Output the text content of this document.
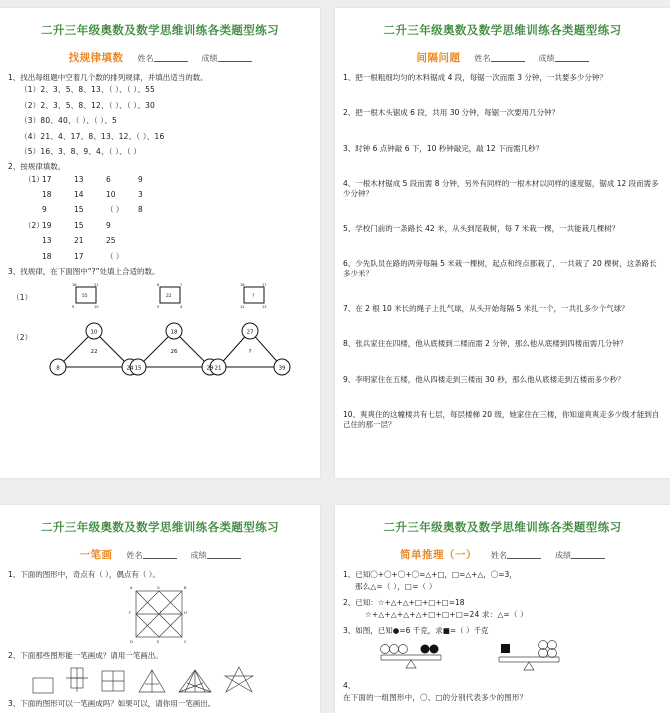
二升三年级奥数及数学思维训练各类题型练习
找规律填数 姓名	成绩

1、找出每组题中空着几个数的排列规律，并填出适当的数。

（1）2、3、5、8、13、（ ）、（ ）、55

（2）2、3、5、8、12、（ ）、（ ）、30

（3）80、40、（ ）、（ ）、5

（4）21、4、17、8、13、12、（ ）、16

（5）16、3、8、9、4、（ ）、（ ）

2、按规律填数。

（1）
17	13	6	9
18	14	10	3
9	15	（ ）	8
（2）
19	15	9
13	21	25
18	17	（ ）

3、找规律，在下面图中“?”处填上合适的数。

（1）
16	21
9	10
55
6	7
5	4
22
18	17
12	13
?
（2）
10
22
8	24
18
26
15	29
27
?
21	39
二升三年级奥数及数学思维训练各类题型练习
间隔问题 姓名	成绩

1、把一根粗细均匀的木料锯成 4 段，每锯一次而需 3 分钟，一共要多少分钟？

2、把一根木头锯成 6 段，共用 30 分钟，每锯一次要用几分钟？

3、时钟 6 点钟敲 6 下，10 秒钟敲完，敲 12 下而需几秒？

4、一根木材锯成 5 段而需 8 分钟，另外有同样的一根木材以同样的速度锯，锯成 12 段而需多少分钟？

5、学校门前的一条路长 42 米，从头到尾栽树，每 7 米栽一棵，一共能栽几棵树？

6、少先队员在路的两旁每隔 5 米栽一棵树，起点和终点都栽了，一共栽了 20 棵树，这条路长多少米？

7、在 2 根 10 米长的绳子上扎气球，从头开始每隔 5 米扎一个，一共扎多少个气球？

8、张兵家住在四楼，他从底楼到二楼而需 2 分钟，那么他从底楼到四楼而需几分钟？

9、李明家住在五楼，他从四楼走到三楼而 30 秒，那么他从底楼走到五楼而多少秒？

10、爽爽住的这幢楼共有七层，每层楼梯 20 级，她家住在三楼，你知道爽爽走多少级才能到自己住的那一层？

二升三年级奥数及数学思维训练各类题型练习
一笔画 姓名	成绩

1、下面的图形中，奇点有（ ），偶点有（ ）。

A	G	B
F	I	H
D	E	C

2、下面那些图形能一笔画成？请用一笔画出。

3、下面的图形可以一笔画成吗？如果可以，请你用一笔画出。

二升三年级奥数及数学思维训练各类题型练习
简单推理（一） 姓名	成绩

1、已知〇+〇+〇+〇=△+□，□=△+△，〇=3，

那么△=（ ），□=（ ）

2、已知：☆+△+△+□+□+□=18

☆+△+△+△+△+□+□+□=24 求：△=（ ）

3、如图，已知●=6 千克，求■=（ ）千克

4、

在下面的一组图形中，〇、□的分别代表多少的图形？
